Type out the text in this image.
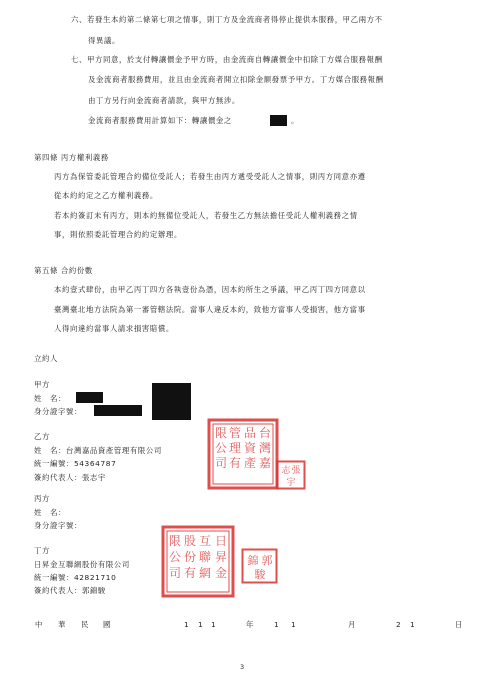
六、若發生本約第二條第七項之情事，則丁方及金流商者得停止提供本服務，甲乙兩方不
得異議。
七、甲方同意，於支付轉讓價金予甲方時，由金流商自轉讓價金中扣除丁方媒合服務報酬
及金流商者服務費用，並且由金流商者開立扣除金額發票予甲方。丁方媒合服務報酬
由丁方另行向金流商者請款，與甲方無涉。
金流商者服務費用計算如下：轉讓價金之	。
第四條 丙方權利義務
丙方為保管委託管理合約備位受託人；若發生由丙方遞受受託人之情事，則丙方同意亦遵
從本約約定之乙方權利義務。
若本約簽訂未有丙方，則本約無備位受託人，若發生乙方無法擔任受託人權利義務之情
事，則依照委託管理合約約定辦理。
第五條 合約份數
本約壹式肆份，由甲乙丙丁四方各執壹份為憑，因本約所生之爭議，甲乙丙丁四方同意以
臺灣臺北地方法院為第一審管轄法院。當事人違反本約，致他方當事人受損害，他方當事
人得向違約當事人請求損害賠償。
立約人
甲方
姓　名：
身分證字號：
乙方
姓　名：台灣嘉品資產管理有限公司
統一編號：54364787
簽約代表人：張志宇
丙方
姓　名：
身分證字號：
丁方
日昇金互聯網股份有限公司
統一編號：42821710
簽約代表人：郭錦駿
台
灣
嘉
品
資
產
管
理
有
限
公
司
張
志
宇
日
昇
金
互
聯
網
股
份
有
限
公
司
郭
錦
駿
中 華 民 國	1 1 1	年	1 1	月	2 1	日
3
